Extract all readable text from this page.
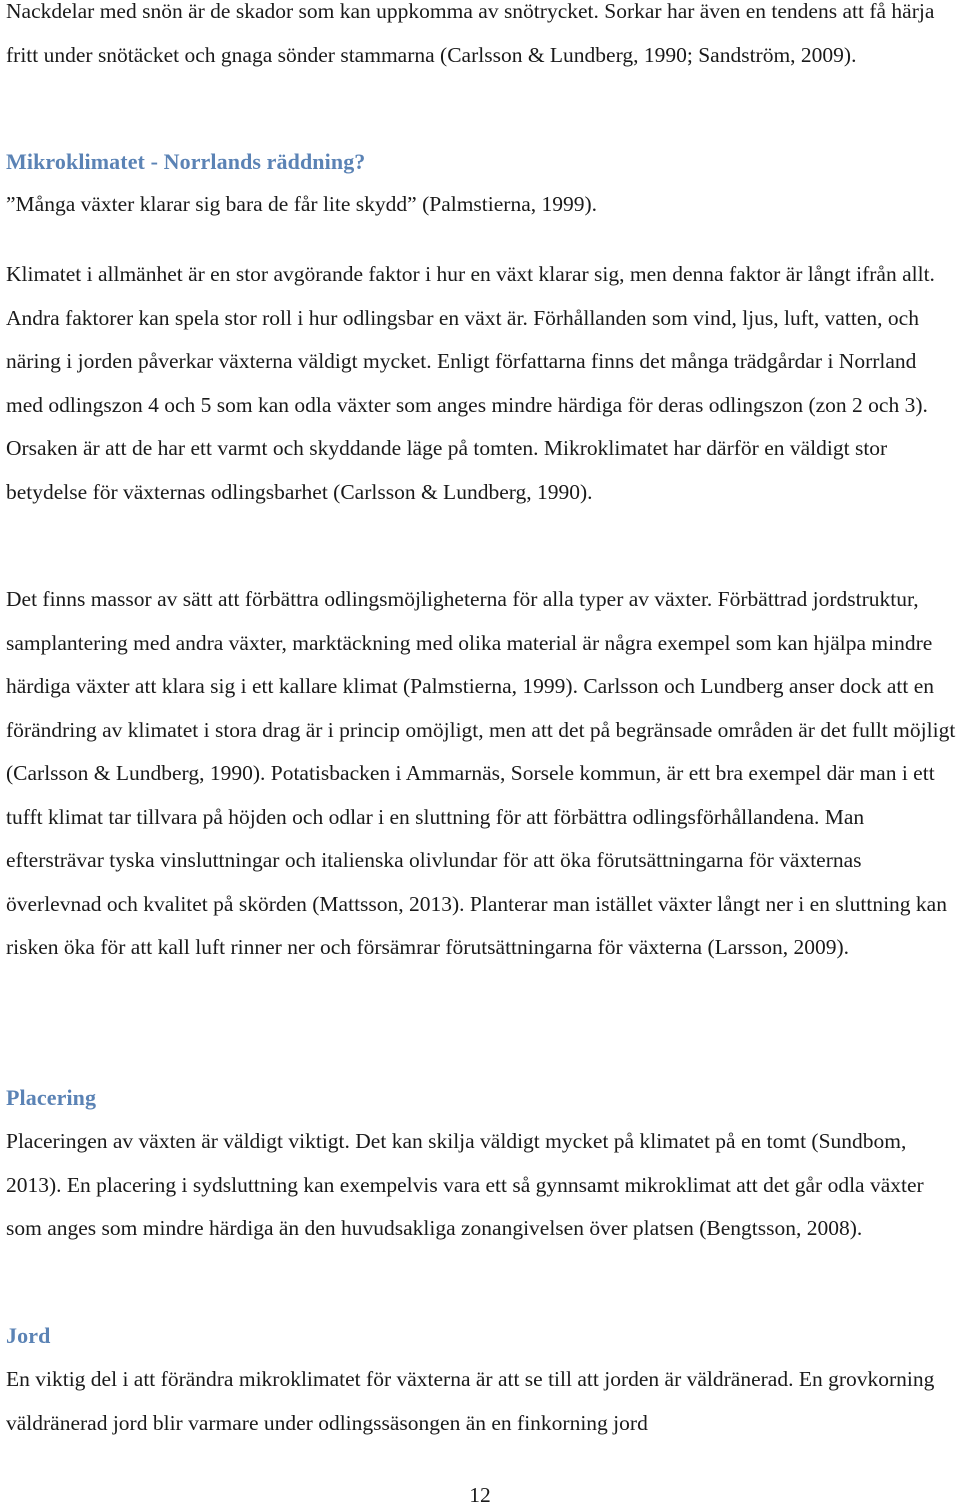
Nackdelar med snön är de skador som kan uppkomma av snötrycket. Sorkar har även en tendens att få härja fritt under snötäcket och gnaga sönder stammarna (Carlsson & Lundberg, 1990; Sandström, 2009).

Mikroklimatet - Norrlands räddning?

”Många växter klarar sig bara de får lite skydd” (Palmstierna, 1999).

Klimatet i allmänhet är en stor avgörande faktor i hur en växt klarar sig, men denna faktor är långt ifrån allt. Andra faktorer kan spela stor roll i hur odlingsbar en växt är. Förhållanden som vind, ljus, luft, vatten, och näring i jorden påverkar växterna väldigt mycket. Enligt författarna finns det många trädgårdar i Norrland med odlingszon 4 och 5 som kan odla växter som anges mindre härdiga för deras odlingszon (zon 2 och 3). Orsaken är att de har ett varmt och skyddande läge på tomten. Mikroklimatet har därför en väldigt stor betydelse för växternas odlingsbarhet (Carlsson & Lundberg, 1990).

Det finns massor av sätt att förbättra odlingsmöjligheterna för alla typer av växter. Förbättrad jordstruktur, samplantering med andra växter, marktäckning med olika material är några exempel som kan hjälpa mindre härdiga växter att klara sig i ett kallare klimat (Palmstierna, 1999). Carlsson och Lundberg anser dock att en förändring av klimatet i stora drag är i princip omöjligt, men att det på begränsade områden är det fullt möjligt (Carlsson & Lundberg, 1990). Potatisbacken i Ammarnäs, Sorsele kommun, är ett bra exempel där man i ett tufft klimat tar tillvara på höjden och odlar i en sluttning för att förbättra odlingsförhållandena. Man eftersträvar tyska vinsluttningar och italienska olivlundar för att öka förutsättningarna för växternas överlevnad och kvalitet på skörden (Mattsson, 2013). Planterar man istället växter långt ner i en sluttning kan risken öka för att kall luft rinner ner och försämrar förutsättningarna för växterna (Larsson, 2009).

Placering

Placeringen av växten är väldigt viktigt. Det kan skilja väldigt mycket på klimatet på en tomt (Sundbom, 2013). En placering i sydsluttning kan exempelvis vara ett så gynnsamt mikroklimat att det går odla växter som anges som mindre härdiga än den huvudsakliga zonangivelsen över platsen (Bengtsson, 2008).

Jord

En viktig del i att förändra mikroklimatet för växterna är att se till att jorden är väldränerad. En grovkorning väldränerad jord blir varmare under odlingssäsongen än en finkorning jord

12
